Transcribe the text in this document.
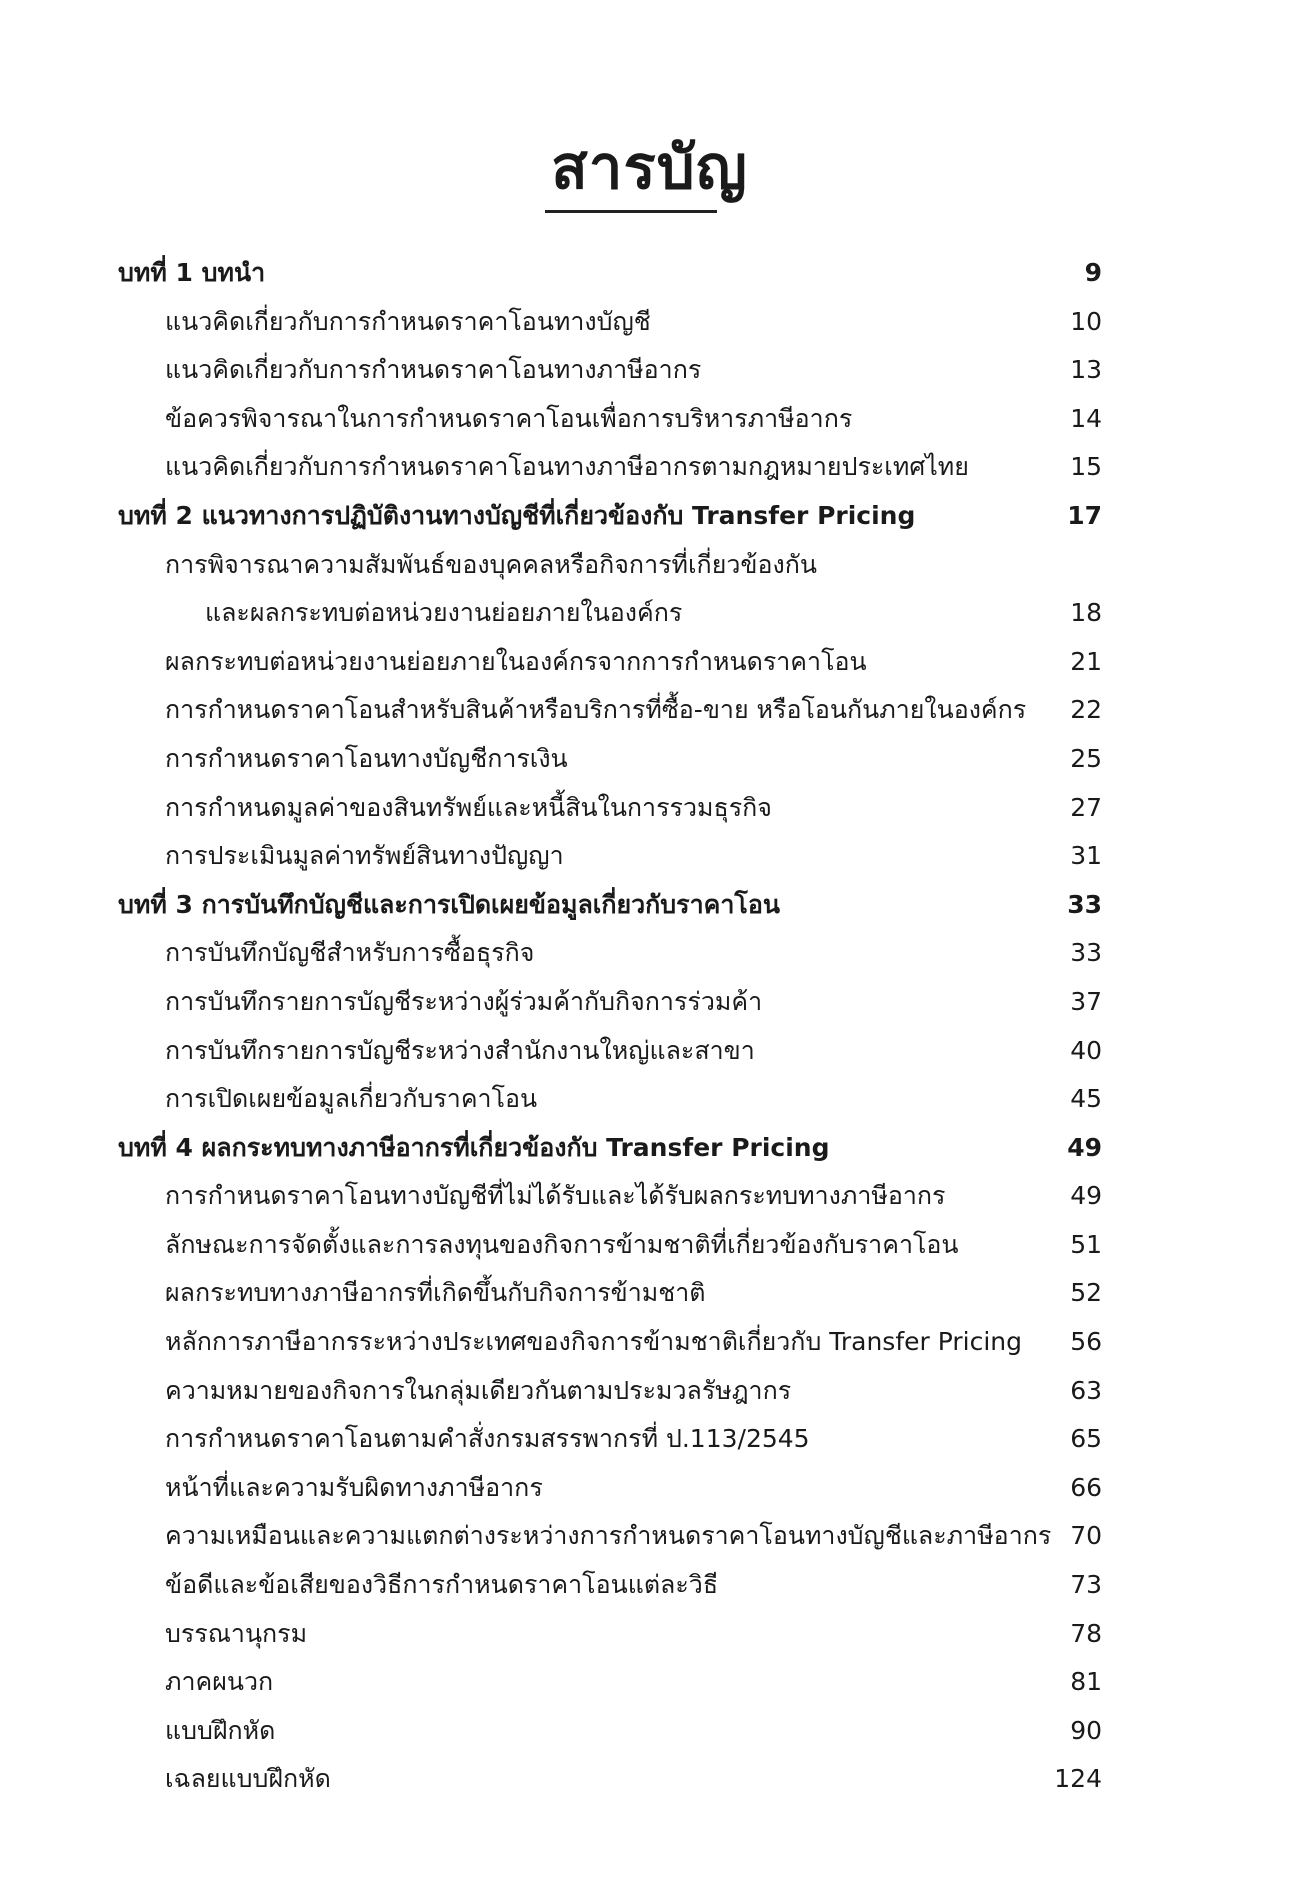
สารบัญ
บทที่ 1 บทนำ	9
แนวคิดเกี่ยวกับการกำหนดราคาโอนทางบัญชี	10
แนวคิดเกี่ยวกับการกำหนดราคาโอนทางภาษีอากร	13
ข้อควรพิจารณาในการกำหนดราคาโอนเพื่อการบริหารภาษีอากร	14
แนวคิดเกี่ยวกับการกำหนดราคาโอนทางภาษีอากรตามกฎหมายประเทศไทย	15
บทที่ 2 แนวทางการปฏิบัติงานทางบัญชีที่เกี่ยวข้องกับ Transfer Pricing	17
การพิจารณาความสัมพันธ์ของบุคคลหรือกิจการที่เกี่ยวข้องกัน
และผลกระทบต่อหน่วยงานย่อยภายในองค์กร	18
ผลกระทบต่อหน่วยงานย่อยภายในองค์กรจากการกำหนดราคาโอน	21
การกำหนดราคาโอนสำหรับสินค้าหรือบริการที่ซื้อ-ขาย หรือโอนกันภายในองค์กร 22
การกำหนดราคาโอนทางบัญชีการเงิน	25
การกำหนดมูลค่าของสินทรัพย์และหนี้สินในการรวมธุรกิจ	27
การประเมินมูลค่าทรัพย์สินทางปัญญา	31
บทที่ 3 การบันทึกบัญชีและการเปิดเผยข้อมูลเกี่ยวกับราคาโอน	33
การบันทึกบัญชีสำหรับการซื้อธุรกิจ	33
การบันทึกรายการบัญชีระหว่างผู้ร่วมค้ากับกิจการร่วมค้า	37
การบันทึกรายการบัญชีระหว่างสำนักงานใหญ่และสาขา	40
การเปิดเผยข้อมูลเกี่ยวกับราคาโอน	45
บทที่ 4 ผลกระทบทางภาษีอากรที่เกี่ยวข้องกับ Transfer Pricing	49
การกำหนดราคาโอนทางบัญชีที่ไม่ได้รับและได้รับผลกระทบทางภาษีอากร	49
ลักษณะการจัดตั้งและการลงทุนของกิจการข้ามชาติที่เกี่ยวข้องกับราคาโอน	51
ผลกระทบทางภาษีอากรที่เกิดขึ้นกับกิจการข้ามชาติ	52
หลักการภาษีอากรระหว่างประเทศของกิจการข้ามชาติเกี่ยวกับ Transfer Pricing 56
ความหมายของกิจการในกลุ่มเดียวกันตามประมวลรัษฎากร	63
การกำหนดราคาโอนตามคำสั่งกรมสรรพากรที่ ป.113/2545	65
หน้าที่และความรับผิดทางภาษีอากร	66
ความเหมือนและความแตกต่างระหว่างการกำหนดราคาโอนทางบัญชีและภาษีอากร 70
ข้อดีและข้อเสียของวิธีการกำหนดราคาโอนแต่ละวิธี	73
บรรณานุกรม	78
ภาคผนวก	81
แบบฝึกหัด	90
เฉลยแบบฝึกหัด	124
